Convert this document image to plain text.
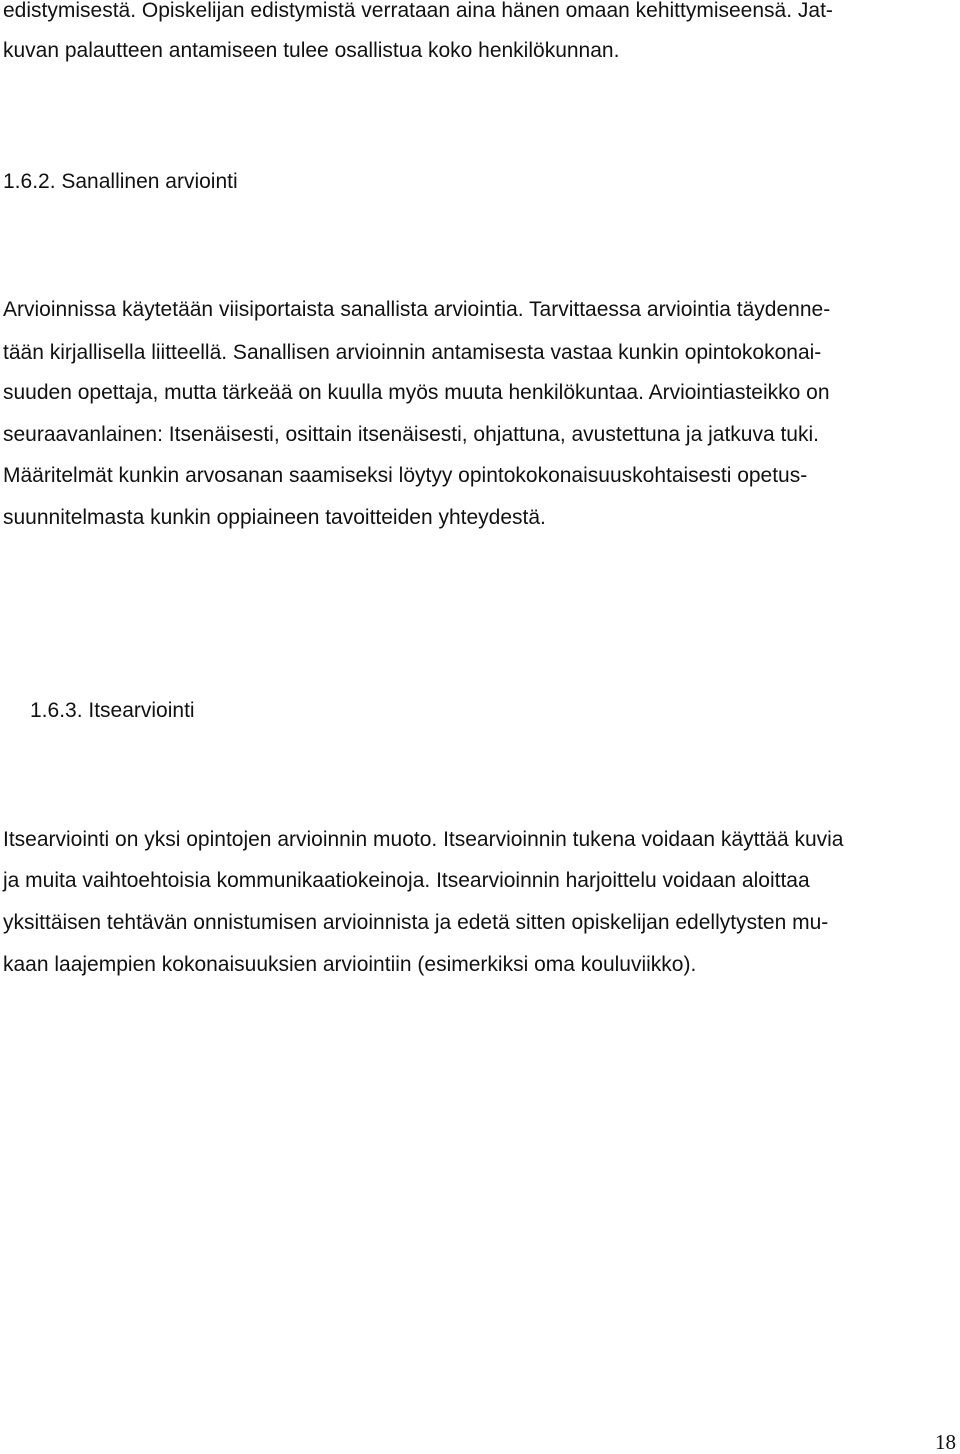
edistymisestä. Opiskelijan edistymistä verrataan aina hänen omaan kehittymiseensä. Jat-
kuvan palautteen antamiseen tulee osallistua koko henkilökunnan.
1.6.2. Sanallinen arviointi
Arvioinnissa käytetään viisiportaista sanallista arviointia. Tarvittaessa arviointia täydenne-
tään kirjallisella liitteellä. Sanallisen arvioinnin antamisesta vastaa kunkin opintokokonai-
suuden opettaja, mutta tärkeää on kuulla myös muuta henkilökuntaa. Arviointiasteikko on
seuraavanlainen: Itsenäisesti, osittain itsenäisesti, ohjattuna, avustettuna ja jatkuva tuki.
Määritelmät kunkin arvosanan saamiseksi löytyy opintokokonaisuuskohtaisesti opetus-
suunnitelmasta kunkin oppiaineen tavoitteiden yhteydestä.
1.6.3. Itsearviointi
Itsearviointi on yksi opintojen arvioinnin muoto. Itsearvioinnin tukena voidaan käyttää kuvia
ja muita vaihtoehtoisia kommunikaatiokeinoja. Itsearvioinnin harjoittelu voidaan aloittaa
yksittäisen tehtävän onnistumisen arvioinnista ja edetä sitten opiskelijan edellytysten mu-
kaan laajempien kokonaisuuksien arviointiin (esimerkiksi oma kouluviikko).
18
